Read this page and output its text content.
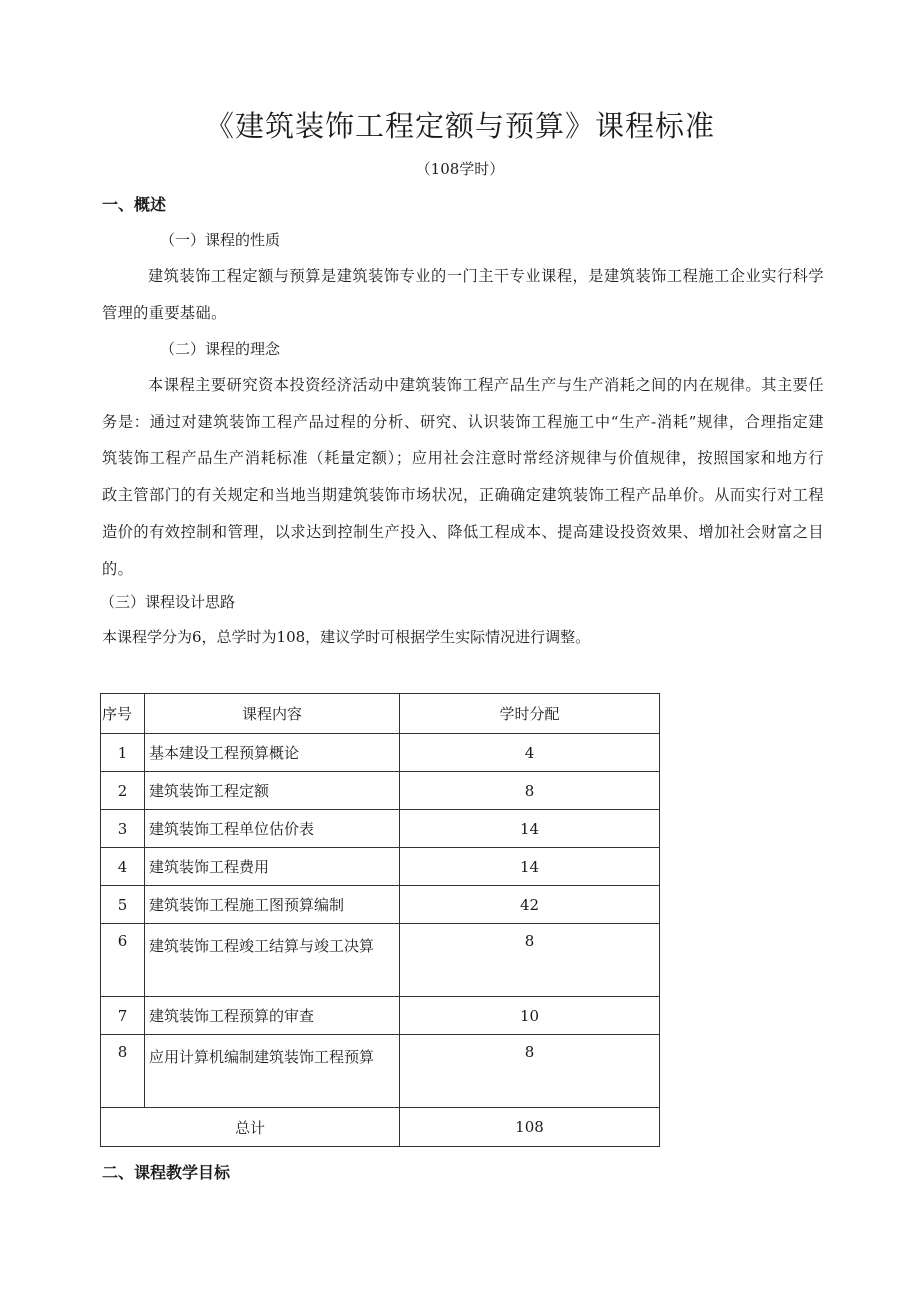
《建筑装饰工程定额与预算》课程标准
（108学时）
一、概述
（一）课程的性质
建筑装饰工程定额与预算是建筑装饰专业的一门主干专业课程，是建筑装饰工程施工企业实行科学管理的重要基础。
（二）课程的理念
本课程主要研究资本投资经济活动中建筑装饰工程产品生产与生产消耗之间的内在规律。其主要任务是：通过对建筑装饰工程产品过程的分析、研究、认识装饰工程施工中“生产-消耗”规律，合理指定建筑装饰工程产品生产消耗标准（耗量定额）；应用社会注意时常经济规律与价值规律，按照国家和地方行政主管部门的有关规定和当地当期建筑装饰市场状况，正确确定建筑装饰工程产品单价。从而实行对工程造价的有效控制和管理，以求达到控制生产投入、降低工程成本、提高建设投资效果、增加社会财富之目的。
（三）课程设计思路
本课程学分为6，总学时为108，建议学时可根据学生实际情况进行调整。
序号	课程内容	学时分配
1	基本建设工程预算概论	4
2	建筑装饰工程定额	8
3	建筑装饰工程单位估价表	14
4	建筑装饰工程费用	14
5	建筑装饰工程施工图预算编制	42
6	建筑装饰工程竣工结算与竣工决算	8
7	建筑装饰工程预算的审查	10
8	应用计算机编制建筑装饰工程预算	8
总计		108
二、课程教学目标
